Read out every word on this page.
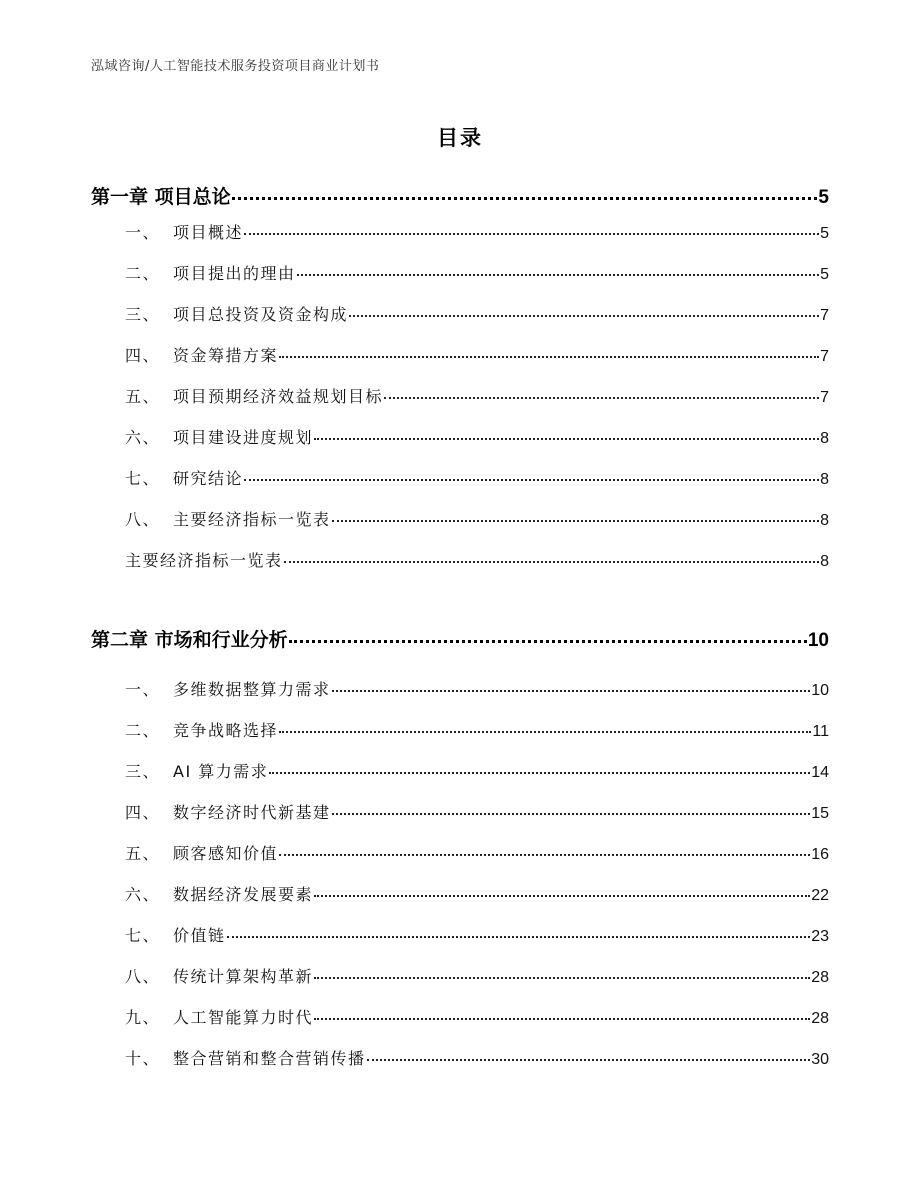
泓域咨询/人工智能技术服务投资项目商业计划书
目录
第一章 项目总论	5
一、 项目概述	5
二、 项目提出的理由	5
三、 项目总投资及资金构成	7
四、 资金筹措方案	7
五、 项目预期经济效益规划目标	7
六、 项目建设进度规划	8
七、 研究结论	8
八、 主要经济指标一览表	8
主要经济指标一览表	8
第二章 市场和行业分析	10
一、 多维数据整算力需求	10
二、 竞争战略选择	11
三、 AI 算力需求	14
四、 数字经济时代新基建	15
五、 顾客感知价值	16
六、 数据经济发展要素	22
七、 价值链	23
八、 传统计算架构革新	28
九、 人工智能算力时代	28
十、 整合营销和整合营销传播	30
